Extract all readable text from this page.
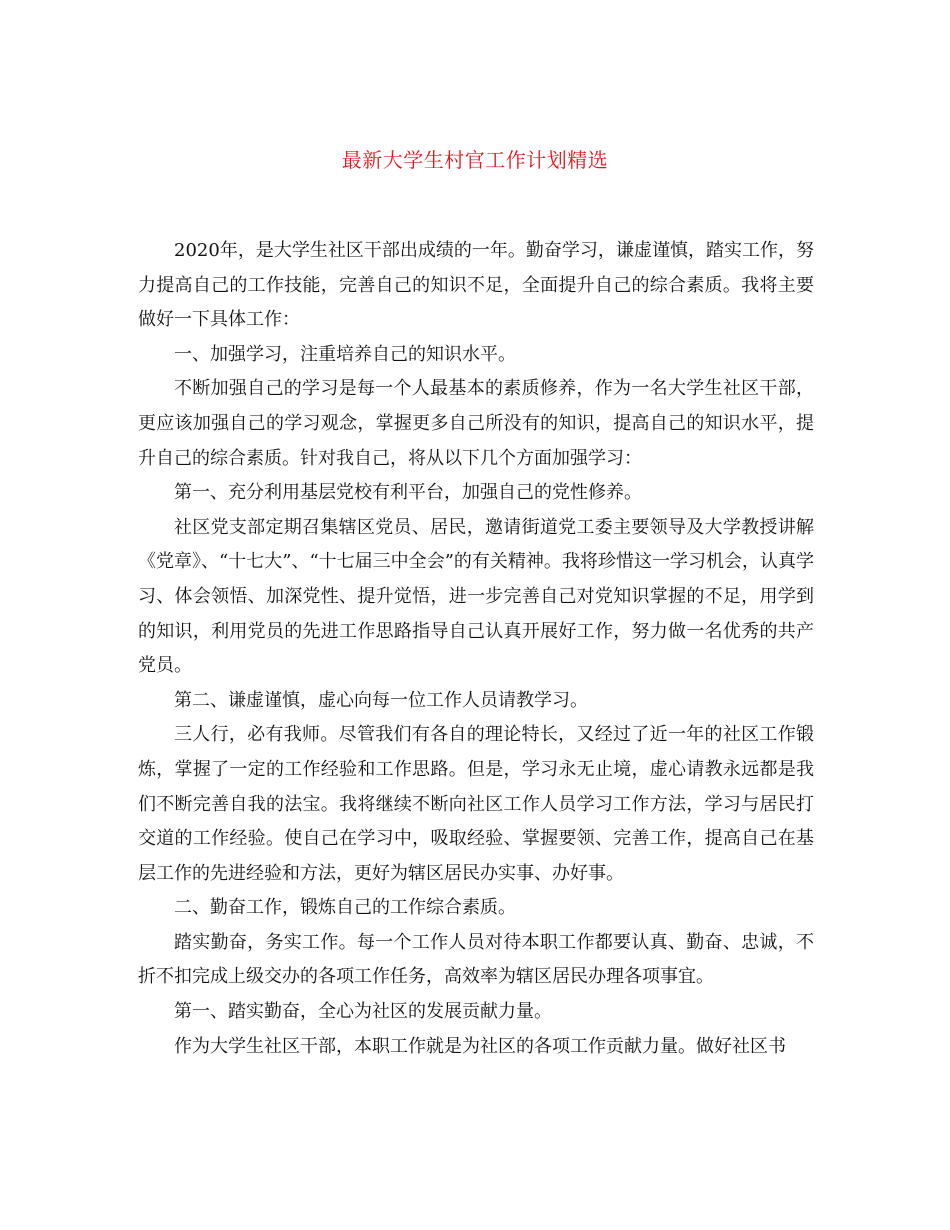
最新大学生村官工作计划精选

2020年，是大学生社区干部出成绩的一年。勤奋学习，谦虚谨慎，踏实工作，努力提高自己的工作技能，完善自己的知识不足，全面提升自己的综合素质。我将主要做好一下具体工作：

一、加强学习，注重培养自己的知识水平。

不断加强自己的学习是每一个人最基本的素质修养，作为一名大学生社区干部，更应该加强自己的学习观念，掌握更多自己所没有的知识，提高自己的知识水平，提升自己的综合素质。针对我自己，将从以下几个方面加强学习：

第一、充分利用基层党校有利平台，加强自己的党性修养。

社区党支部定期召集辖区党员、居民，邀请街道党工委主要领导及大学教授讲解《党章》、“十七大”、“十七届三中全会”的有关精神。我将珍惜这一学习机会，认真学习、体会领悟、加深党性、提升觉悟，进一步完善自己对党知识掌握的不足，用学到的知识，利用党员的先进工作思路指导自己认真开展好工作，努力做一名优秀的共产党员。

第二、谦虚谨慎，虚心向每一位工作人员请教学习。

三人行，必有我师。尽管我们有各自的理论特长，又经过了近一年的社区工作锻炼，掌握了一定的工作经验和工作思路。但是，学习永无止境，虚心请教永远都是我们不断完善自我的法宝。我将继续不断向社区工作人员学习工作方法，学习与居民打交道的工作经验。使自己在学习中，吸取经验、掌握要领、完善工作，提高自己在基层工作的先进经验和方法，更好为辖区居民办实事、办好事。

二、勤奋工作，锻炼自己的工作综合素质。

踏实勤奋，务实工作。每一个工作人员对待本职工作都要认真、勤奋、忠诚，不折不扣完成上级交办的各项工作任务，高效率为辖区居民办理各项事宜。

第一、踏实勤奋，全心为社区的发展贡献力量。

作为大学生社区干部，本职工作就是为社区的各项工作贡献力量。做好社区书
